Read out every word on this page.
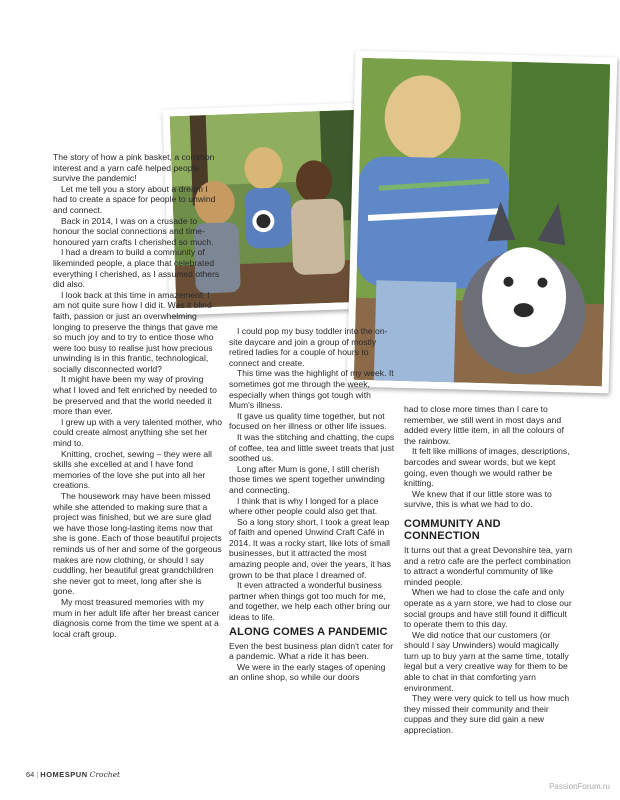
The story of how a pink basket, a common interest and a yarn café helped people survive the pandemic!

Let me tell you a story about a dream I had to create a space for people to unwind and connect.

Back in 2014, I was on a crusade to honour the social connections and time-honoured yarn crafts I cherished so much.

I had a dream to build a community of likeminded people, a place that celebrated everything I cherished, as I assumed others did also.

I look back at this time in amazement: I am not quite sure how I did it. Was it blind faith, passion or just an overwhelming longing to preserve the things that gave me so much joy and to try to entice those who were too busy to realise just how precious unwinding is in this frantic, technological, socially disconnected world?

It might have been my way of proving what I loved and felt enriched by needed to be preserved and that the world needed it more than ever.

I grew up with a very talented mother, who could create almost anything she set her mind to.

Knitting, crochet, sewing – they were all skills she excelled at and I have fond memories of the love she put into all her creations.

The housework may have been missed while she attended to making sure that a project was finished, but we are sure glad we have those long-lasting items now that she is gone. Each of those beautiful projects reminds us of her and some of the gorgeous makes are now clothing, or should I say cuddling, her beautiful great grandchildren she never got to meet, long after she is gone.

My most treasured memories with my mum in her adult life after her breast cancer diagnosis come from the time we spent at a local craft group.

I could pop my busy toddler into the on-site daycare and join a group of mostly retired ladies for a couple of hours to connect and create.

This time was the highlight of my week. It sometimes got me through the week, especially when things got tough with Mum's illness.

It gave us quality time together, but not focused on her illness or other life issues.

It was the stitching and chatting, the cups of coffee, tea and little sweet treats that just soothed us.

Long after Mum is gone, I still cherish those times we spent together unwinding and connecting.

I think that is why I longed for a place where other people could also get that.

So a long story short, I took a great leap of faith and opened Unwind Craft Café in 2014. It was a rocky start, like lots of small businesses, but it attracted the most amazing people and, over the years, it has grown to be that place I dreamed of.

It even attracted a wonderful business partner when things got too much for me, and together, we help each other bring our ideas to life.

ALONG COMES A PANDEMIC

Even the best business plan didn't cater for a pandemic. What a ride it has been.

We were in the early stages of opening an online shop, so while our doors

had to close more times than I care to remember, we still went in most days and added every little item, in all the colours of the rainbow.

It felt like millions of images, descriptions, barcodes and swear words, but we kept going, even though we would rather be knitting.

We knew that if our little store was to survive, this is what we had to do.

COMMUNITY AND CONNECTION

It turns out that a great Devonshire tea, yarn and a retro cafe are the perfect combination to attract a wonderful community of like minded people.

When we had to close the cafe and only operate as a yarn store, we had to close our social groups and have still found it difficult to operate them to this day.

We did notice that our customers (or should I say Unwinders) would magically turn up to buy yarn at the same time, totally legal but a very creative way for them to be able to chat in that comforting yarn environment.

They were very quick to tell us how much they missed their community and their cuppas and they sure did gain a new appreciation.

64 | HOMESPUN Crochet
PassionForum.ru
